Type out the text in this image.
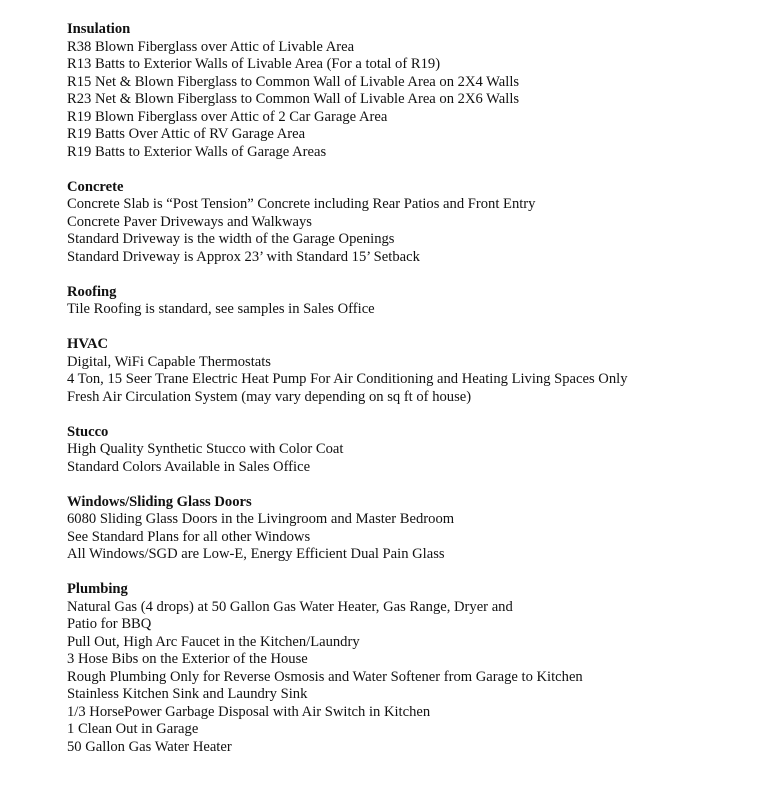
Insulation
R38 Blown Fiberglass over Attic of Livable Area
R13 Batts to Exterior Walls of Livable Area (For a total of R19)
R15 Net & Blown Fiberglass to Common Wall of Livable Area on 2X4 Walls
R23 Net & Blown Fiberglass to Common Wall of Livable Area on 2X6 Walls
R19 Blown Fiberglass over Attic of 2 Car Garage Area
R19 Batts Over Attic of RV Garage Area
R19 Batts to Exterior Walls of Garage Areas
Concrete
Concrete Slab is “Post Tension” Concrete including Rear Patios and Front Entry
Concrete Paver Driveways and Walkways
Standard Driveway is the width of the Garage Openings
Standard Driveway is Approx 23’ with Standard 15’ Setback
Roofing
Tile Roofing is standard, see samples in Sales Office
HVAC
Digital, WiFi Capable Thermostats
4 Ton, 15 Seer Trane Electric Heat Pump For Air Conditioning and Heating Living Spaces Only
Fresh Air Circulation System (may vary depending on sq ft of house)
Stucco
High Quality Synthetic Stucco with Color Coat
Standard Colors Available in Sales Office
Windows/Sliding Glass Doors
6080 Sliding Glass Doors in the Livingroom and Master Bedroom
See Standard Plans for all other Windows
All Windows/SGD are Low-E, Energy Efficient Dual Pain Glass
Plumbing
Natural Gas (4 drops) at 50 Gallon Gas Water Heater, Gas Range, Dryer and
Patio for BBQ
Pull Out, High Arc Faucet in the Kitchen/Laundry
3 Hose Bibs on the Exterior of the House
Rough Plumbing Only for Reverse Osmosis and Water Softener from Garage to Kitchen
Stainless Kitchen Sink and Laundry Sink
1/3 HorsePower Garbage Disposal with Air Switch in Kitchen
1 Clean Out in Garage
50 Gallon Gas Water Heater
